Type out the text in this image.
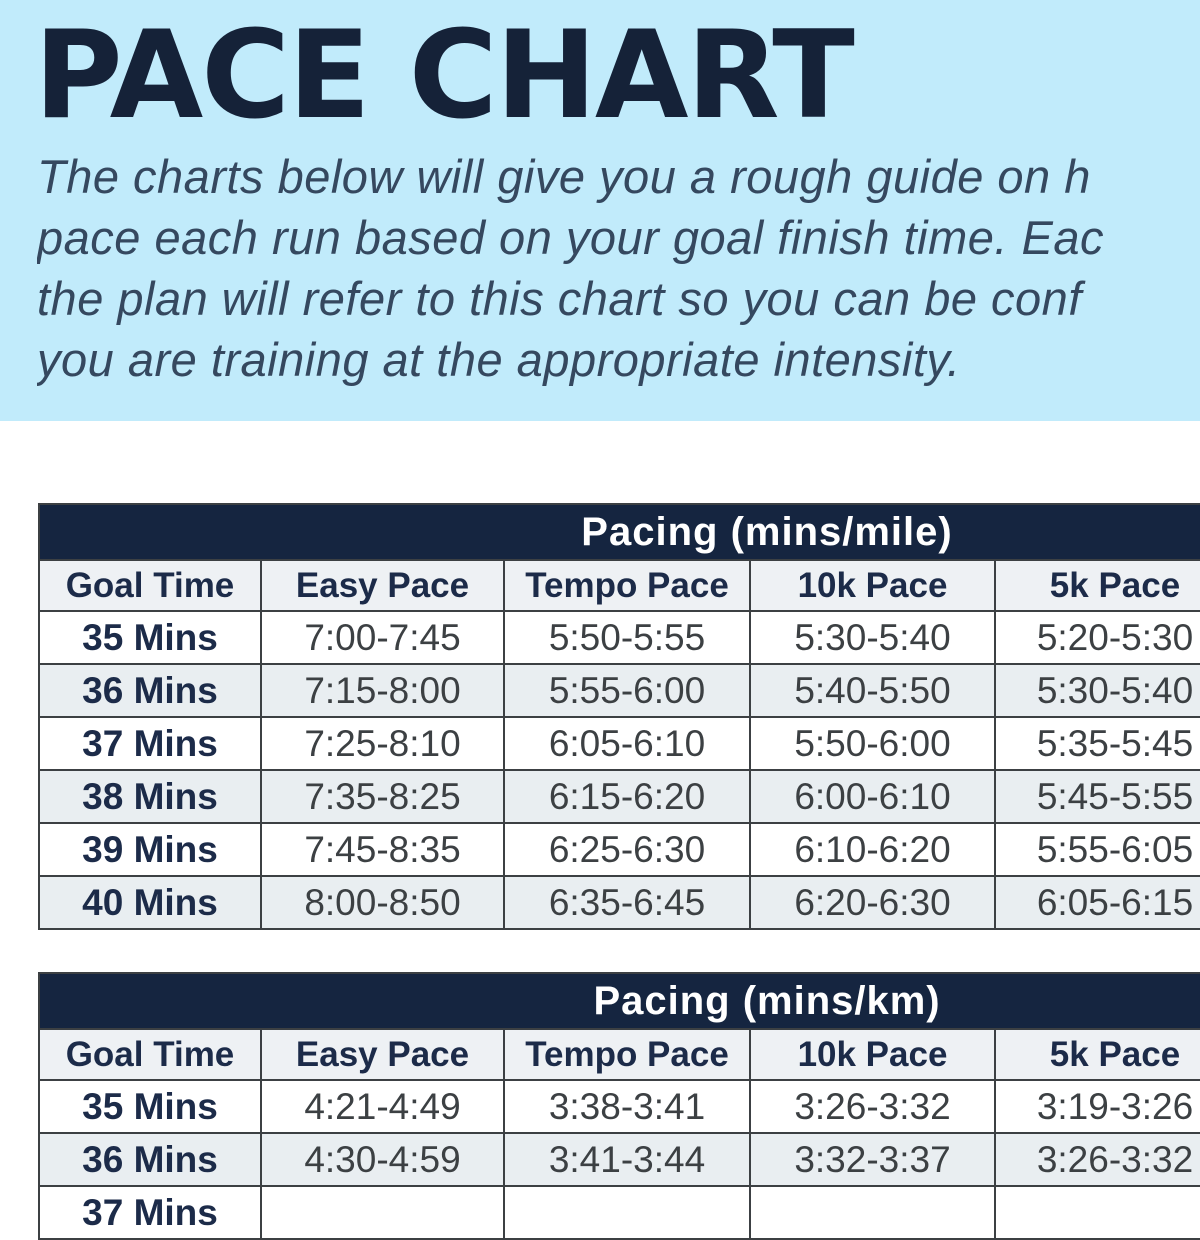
PACE CHART
The charts below will give you a rough guide on h
pace each run based on your goal finish time. Eac
the plan will refer to this chart so you can be conf
you are training at the appropriate intensity.
Pacing (mins/mile)					
Goal Time	Easy Pace	Tempo Pace	10k Pace	5k Pace	
35 Mins	7:00-7:45	5:50-5:55	5:30-5:40	5:20-5:30	
36 Mins	7:15-8:00	5:55-6:00	5:40-5:50	5:30-5:40	
37 Mins	7:25-8:10	6:05-6:10	5:50-6:00	5:35-5:45	
38 Mins	7:35-8:25	6:15-6:20	6:00-6:10	5:45-5:55	
39 Mins	7:45-8:35	6:25-6:30	6:10-6:20	5:55-6:05	
40 Mins	8:00-8:50	6:35-6:45	6:20-6:30	6:05-6:15	
Pacing (mins/km)					
Goal Time	Easy Pace	Tempo Pace	10k Pace	5k Pace	
35 Mins	4:21-4:49	3:38-3:41	3:26-3:32	3:19-3:26	
36 Mins	4:30-4:59	3:41-3:44	3:32-3:37	3:26-3:32	
37 Mins					
